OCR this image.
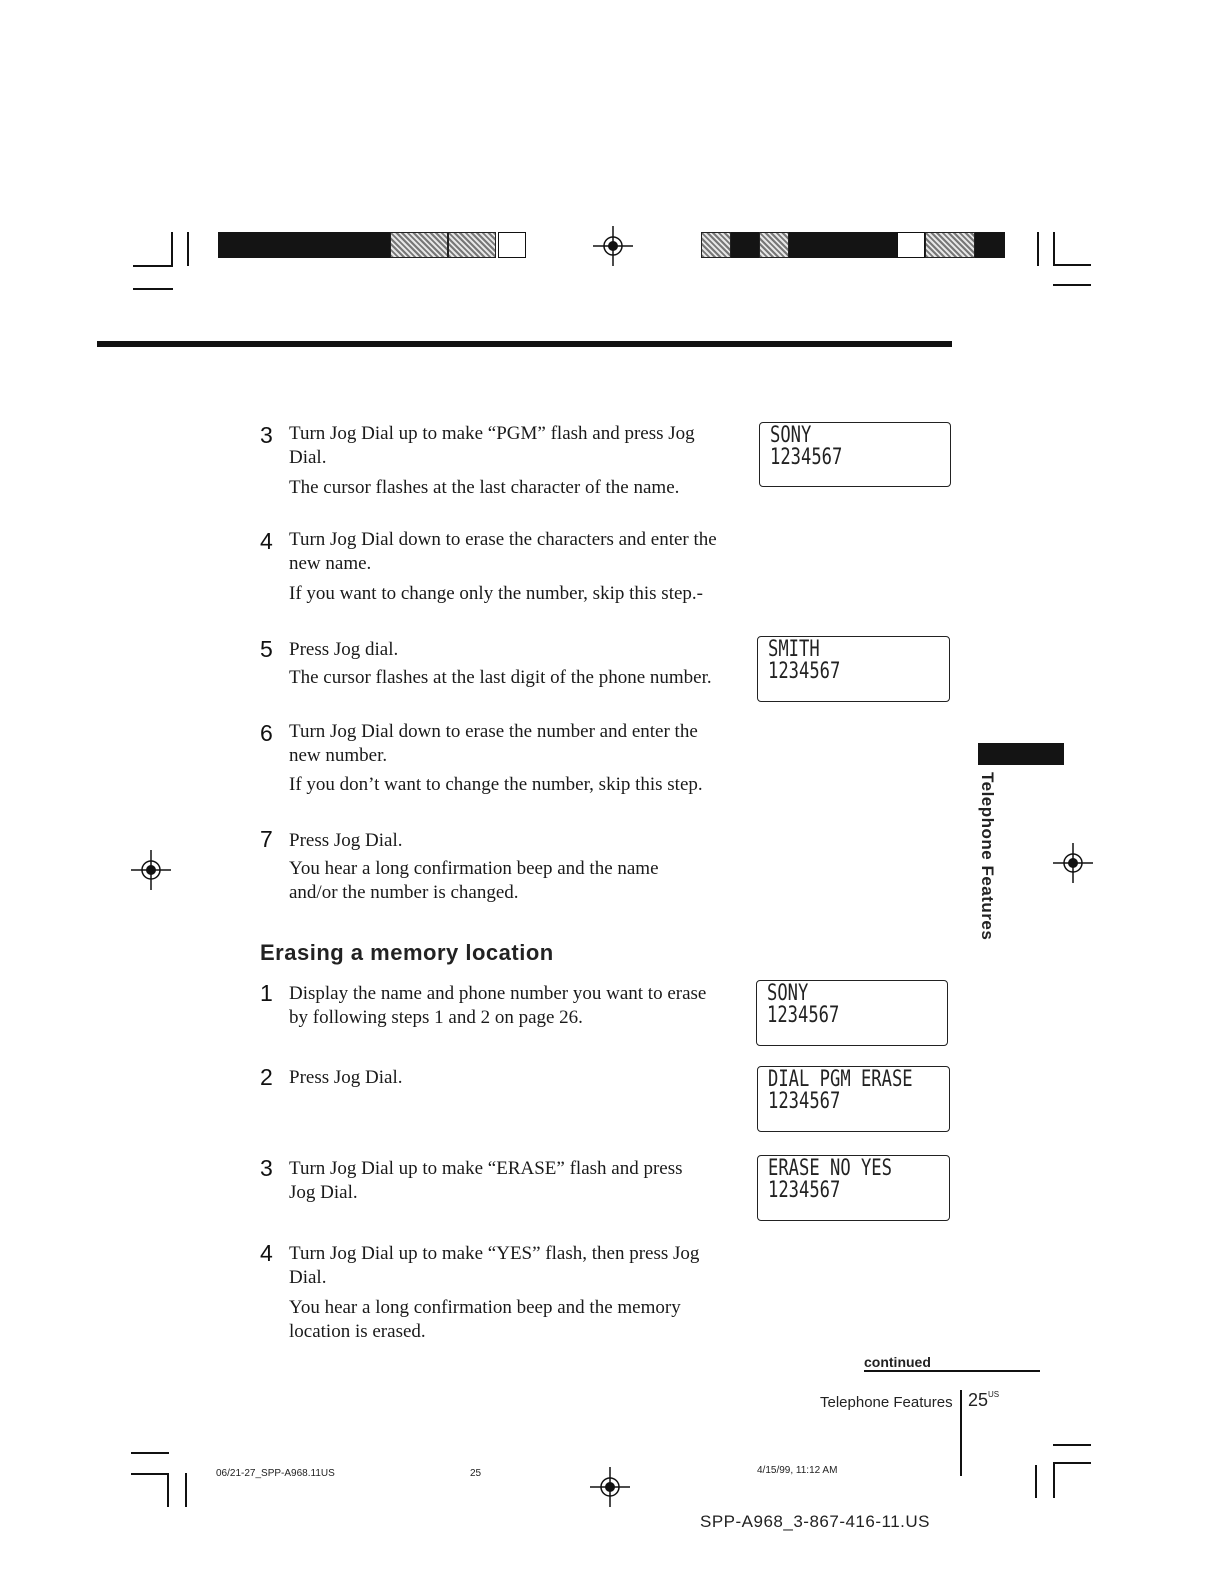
3 Turn Jog Dial up to make “PGM” flash and press Jog Dial.
The cursor flashes at the last character of the name.
4 Turn Jog Dial down to erase the characters and enter the new name.
If you want to change only the number, skip this step.-
5 Press Jog dial.
The cursor flashes at the last digit of the phone number.
6 Turn Jog Dial down to erase the number and enter the new number.
If you don’t want to change the number, skip this step.
7 Press Jog Dial.
You hear a long confirmation beep and the name and/or the number is changed.
Erasing a memory location
1 Display the name and phone number you want to erase by following steps 1 and 2 on page 26.
2 Press Jog Dial.
3 Turn Jog Dial up to make “ERASE” flash and press Jog Dial.
4 Turn Jog Dial up to make “YES” flash, then press Jog Dial.
You hear a long confirmation beep and the memory location is erased.
SONY
1234567
SMITH
1234567
SONY
1234567
DIAL PGM ERASE
1234567
ERASE NO YES
1234567
Telephone Features
continued
Telephone Features $25^{US}$
06/21-27_SPP-A968.11US	25	4/15/99, 11:12 AM
SPP-A968_3-867-416-11.US
